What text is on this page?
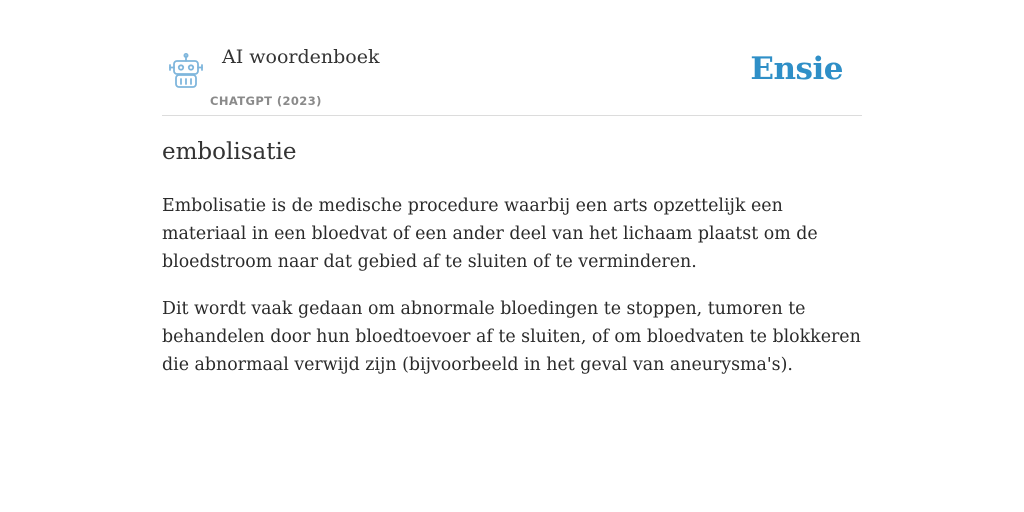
AI woordenboek
CHATGPT (2023)
Ensie
embolisatie

Embolisatie is de medische procedure waarbij een arts opzettelijk een materiaal in een bloedvat of een ander deel van het lichaam plaatst om de bloedstroom naar dat gebied af te sluiten of te verminderen.

Dit wordt vaak gedaan om abnormale bloedingen te stoppen, tumoren te behandelen door hun bloedtoevoer af te sluiten, of om bloedvaten te blokkeren die abnormaal verwijd zijn (bijvoorbeeld in het geval van aneurysma's).
